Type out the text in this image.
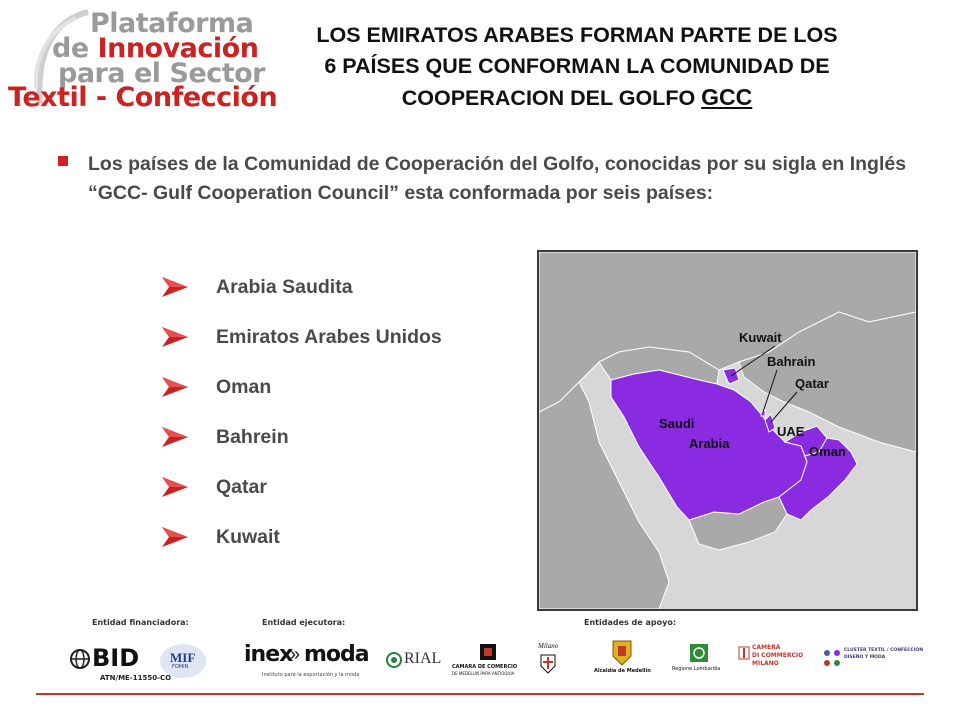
Plataforma
de Innovación
para el Sector
Textil - Confección
LOS EMIRATOS ARABES FORMAN PARTE DE LOS
6 PAÍSES QUE CONFORMAN LA COMUNIDAD DE
COOPERACION DEL GOLFO GCC
Los países de la Comunidad de Cooperación del Golfo, conocidas por su sigla en Inglés “GCC- Gulf Cooperation Council” esta conformada por seis países:
Arabia Saudita
Emiratos Arabes Unidos
Oman
Bahrein
Qatar
Kuwait
Kuwait
Bahrain
Qatar
Saudi
Arabia
UAE
Oman
Entidad financiadora:	Entidad ejecutora:	Entidades de apoyo:
BID
ATN/ME-11550-CO
MIF
FOMIN	inex
» moda
Instituto para la exportación y la moda
RIAL CAMARA DE COMERCIO
DE MEDELLIN PARA ANTIOQUIA
Milano
Alcaldía de Medellín	Regione Lombardia
CAMERA
DI COMMERCIO
MILANO
CLUSTER TEXTIL / CONFECCIÓN
DISEÑO Y MODA
